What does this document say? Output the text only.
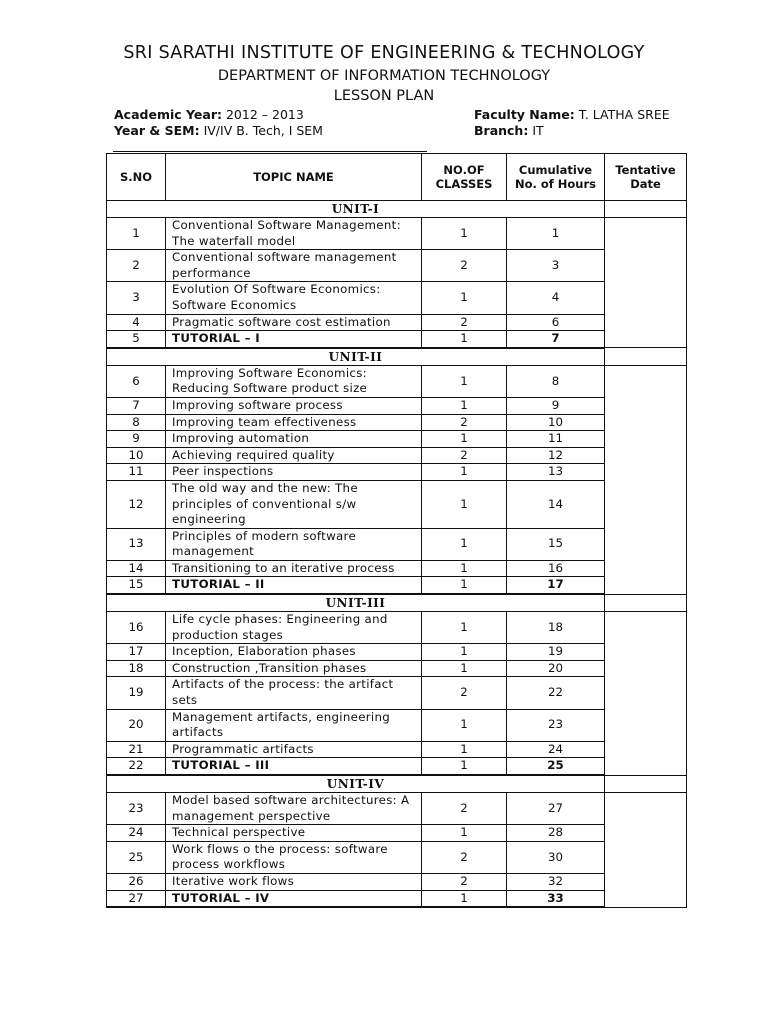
SRI SARATHI INSTITUTE OF ENGINEERING & TECHNOLOGY
DEPARTMENT OF INFORMATION TECHNOLOGY
LESSON PLAN
Academic Year: 2012 – 2013
Year & SEM: IV/IV B. Tech, I SEM
Faculty Name: T. LATHA SREE
Branch: IT
S.NO	TOPIC NAME	NO.OF CLASSES	Cumulative No. of Hours	Tentative Date
UNIT-I				
1	Conventional Software Management: The waterfall model	1	1	
2	Conventional software management performance	2	3	
3	Evolution Of Software Economics: Software Economics	1	4	
4	Pragmatic software cost estimation	2	6	
5	TUTORIAL – I	1	7	
UNIT-II				
6	Improving Software Economics: Reducing Software product size	1	8	
7	Improving software process	1	9	
8	Improving team effectiveness	2	10	
9	Improving automation	1	11	
10	Achieving required quality	2	12	
11	Peer inspections	1	13	
12	The old way and the new: The principles of conventional s/w engineering	1	14	
13	Principles of modern software management	1	15	
14	Transitioning to an iterative process	1	16	
15	TUTORIAL – II	1	17	
UNIT-III				
16	Life cycle phases: Engineering and production stages	1	18	
17	Inception, Elaboration phases	1	19	
18	Construction ,Transition phases	1	20	
19	Artifacts of the process: the artifact sets	2	22	
20	Management artifacts, engineering artifacts	1	23	
21	Programmatic artifacts	1	24	
22	TUTORIAL – III	1	25	
UNIT-IV				
23	Model based software architectures: A management perspective	2	27	
24	Technical perspective	1	28	
25	Work flows o the process: software process workflows	2	30	
26	Iterative work flows	2	32	
27	TUTORIAL – IV	1	33	
